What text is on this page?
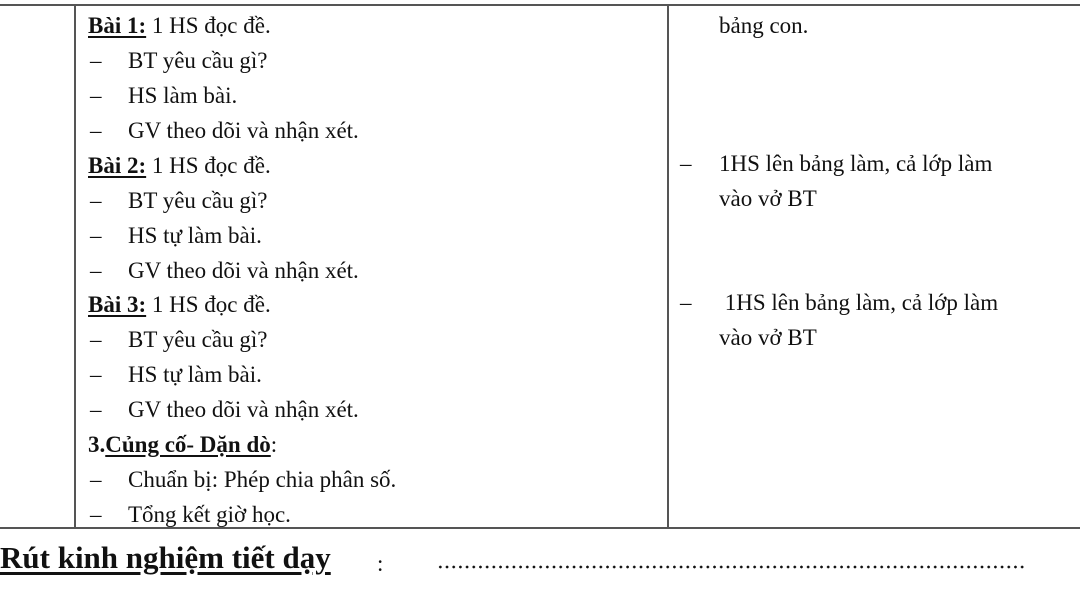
Bài 1: 1 HS đọc đề.
– BT yêu cầu gì?
– HS làm bài.
– GV theo dõi và nhận xét.
Bài 2: 1 HS đọc đề.
– BT yêu cầu gì?
– HS tự làm bài.
– GV theo dõi và nhận xét.
Bài 3: 1 HS đọc đề.
– BT yêu cầu gì?
– HS tự làm bài.
– GV theo dõi và nhận xét.
3.Củng cố- Dặn dò:
– Chuẩn bị: Phép chia phân số.
– Tổng kết giờ học.
bảng con.
– 1HS lên bảng làm, cả lớp làm
vào vở BT
– 1HS lên bảng làm, cả lớp làm
vào vở BT
Rút kinh nghiệm tiết dạy :
